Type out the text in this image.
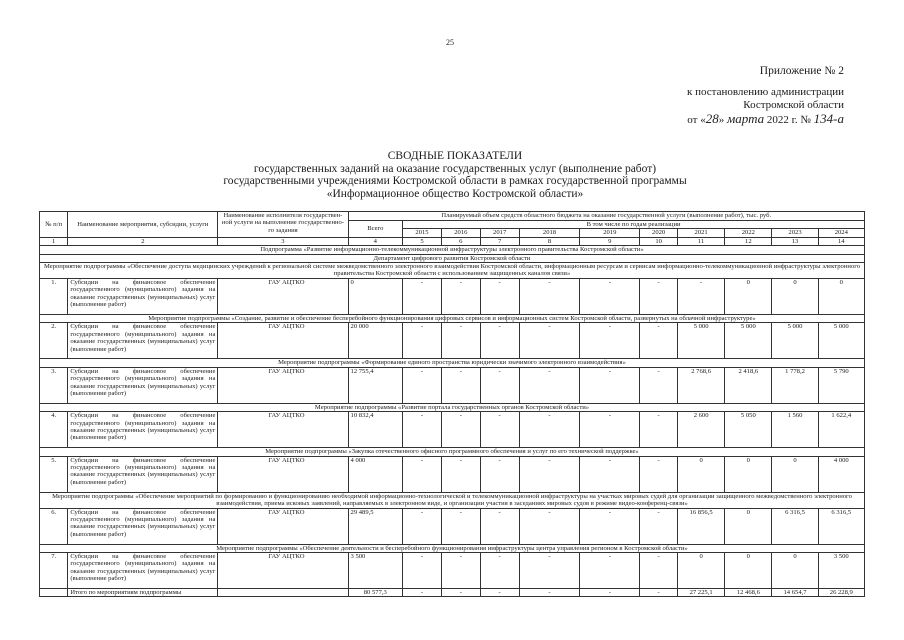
25
Приложение № 2
к постановлению администрации
Костромской области
от «28» марта 2022 г. № 134-а
СВОДНЫЕ ПОКАЗАТЕЛИ
государственных заданий на оказание государственных услуг (выполнение работ)
государственными учреждениями Костромской области в рамках государственной программы
«Информационное общество Костромской области»
№ п/п	Наименование мероприятия, субсидии, услуги	Наименование исполнителя государствен-ной услуги на выполнение государственно-го задания	Планируемый объем средств областного бюджета на оказание государственной услуги (выполнение работ), тыс. руб.										
			Всего	В том числе по годам реализации									
				2015	2016	2017	2018	2019	2020	2021	2022	2023	2024
1	2	3	4	5	6	7	8	9	10	11	12	13	14
Подпрограмма «Развитие информационно-телекоммуникационной инфраструктуры электронного правительства Костромской области»													
Департамент цифрового развития Костромской области													
Мероприятие подпрограммы «Обеспечение доступа медицинских учреждений к региональной системе межведомственного электронного взаимодействия Костромской области, информационным ресурсам и сервисам информационно-телекоммуникационной инфраструктуры электронного правительства Костромской области с использованием защищенных каналов связи»													
1.	Субсидии на финансовое обеспечение государственного (муниципального) задания на оказание государственных (муниципальных) услуг (выполнение работ)	ГАУ АЦТКО	0	-	-	-	-	-	-	-	0	0	0
Мероприятие подпрограммы «Создание, развитие и обеспечение бесперебойного функционирования цифровых сервисов и информационных систем Костромской области, развернутых на облачной инфраструктуре»													
2.	Субсидии на финансовое обеспечение государственного (муниципального) задания на оказание государственных (муниципальных) услуг (выполнение работ)	ГАУ АЦТКО	20 000	-	-	-	-	-	-	5 000	5 000	5 000	5 000
Мероприятие подпрограммы «Формирование единого пространства юридически значимого электронного взаимодействия»													
3.	Субсидии на финансовое обеспечение государственного (муниципального) задания на оказание государственных (муниципальных) услуг (выполнение работ)	ГАУ АЦТКО	12 755,4	-	-	-	-	-	-	2 768,6	2 418,6	1 778,2	5 790
Мероприятие подпрограммы «Развитие портала государственных органов Костромской области»													
4.	Субсидии на финансовое обеспечение государственного (муниципального) задания на оказание государственных (муниципальных) услуг (выполнение работ)	ГАУ АЦТКО	10 832,4	-	-	-	-	-	-	2 600	5 050	1 560	1 622,4
Мероприятие подпрограммы «Закупка отечественного офисного программного обеспечения и услуг по его технической поддержке»													
5.	Субсидии на финансовое обеспечение государственного (муниципального) задания на оказание государственных (муниципальных) услуг (выполнение работ)	ГАУ АЦТКО	4 000	-	-	-	-	-	-	0	0	0	4 000
Мероприятие подпрограммы «Обеспечение мероприятий по формированию и функционированию необходимой информационно-технологической и телекоммуникационной инфраструктуры на участках мировых судей для организации защищенного межведомственного электронного взаимодействия, приема исковых заявлений, направляемых в электронном виде, и организации участия в заседаниях мировых судов в режиме видео-конференц-связи»													
6.	Субсидии на финансовое обеспечение государственного (муниципального) задания на оказание государственных (муниципальных) услуг (выполнение работ)	ГАУ АЦТКО	29 489,5	-	-	-	-	-	-	16 856,5	0	6 316,5	6 316,5
Мероприятие подпрограммы «Обеспечение деятельности и бесперебойного функционирования инфраструктуры центра управления регионом в Костромской области»													
7.	Субсидии на финансовое обеспечение государственного (муниципального) задания на оказание государственных (муниципальных) услуг (выполнение работ)	ГАУ АЦТКО	3 500	-	-	-	-	-	-	0	0	0	3 500
	Итого по мероприятиям подпрограммы		80 577,3	-	-	-	-	-	-	27 225,1	12 468,6	14 654,7	26 228,9
